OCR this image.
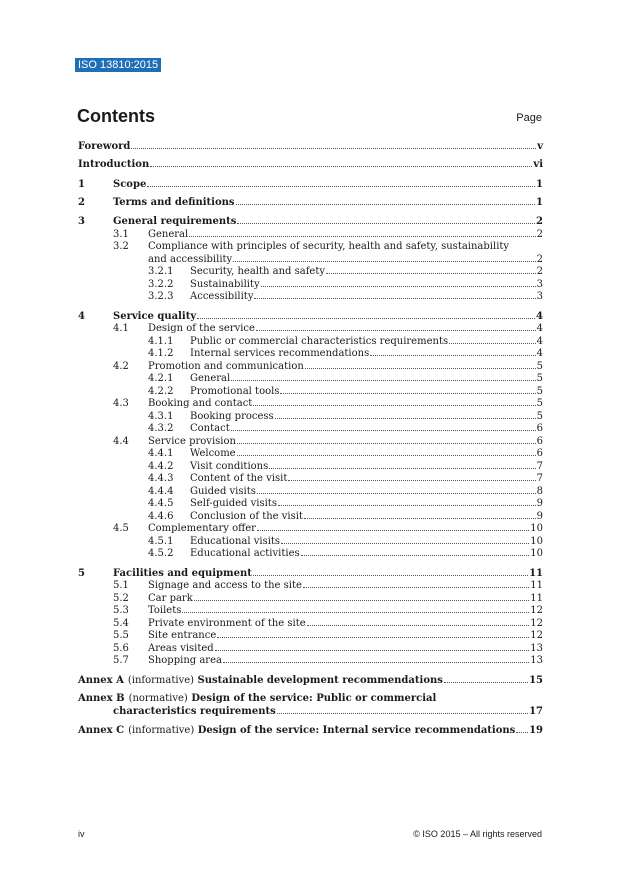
ISO 13810:2015
Contents	Page
Foreword	v
Introduction	vi
1	Scope	1
2	Terms and definitions	1
3	General requirements	2
3.1	General	2
3.2	Compliance with principles of security, health and safety, sustainability
and accessibility	2
3.2.1	Security, health and safety	2
3.2.2	Sustainability	3
3.2.3	Accessibility	3
4	Service quality	4
4.1	Design of the service	4
4.1.1	Public or commercial characteristics requirements	4
4.1.2	Internal services recommendations	4
4.2	Promotion and communication	5
4.2.1	General	5
4.2.2	Promotional tools	5
4.3	Booking and contact	5
4.3.1	Booking process	5
4.3.2	Contact	6
4.4	Service provision	6
4.4.1	Welcome	6
4.4.2	Visit conditions	7
4.4.3	Content of the visit	7
4.4.4	Guided visits	8
4.4.5	Self-guided visits	9
4.4.6	Conclusion of the visit	9
4.5	Complementary offer	10
4.5.1	Educational visits	10
4.5.2	Educational activities	10
5	Facilities and equipment	11
5.1	Signage and access to the site	11
5.2	Car park	11
5.3	Toilets	12
5.4	Private environment of the site	12
5.5	Site entrance	12
5.6	Areas visited	13
5.7	Shopping area	13
Annex A (informative) Sustainable development recommendations	15
Annex B (normative) Design of the service: Public or commercial
characteristics requirements	17
Annex C (informative) Design of the service: Internal service recommendations 19
iv	© ISO 2015 – All rights reserved
